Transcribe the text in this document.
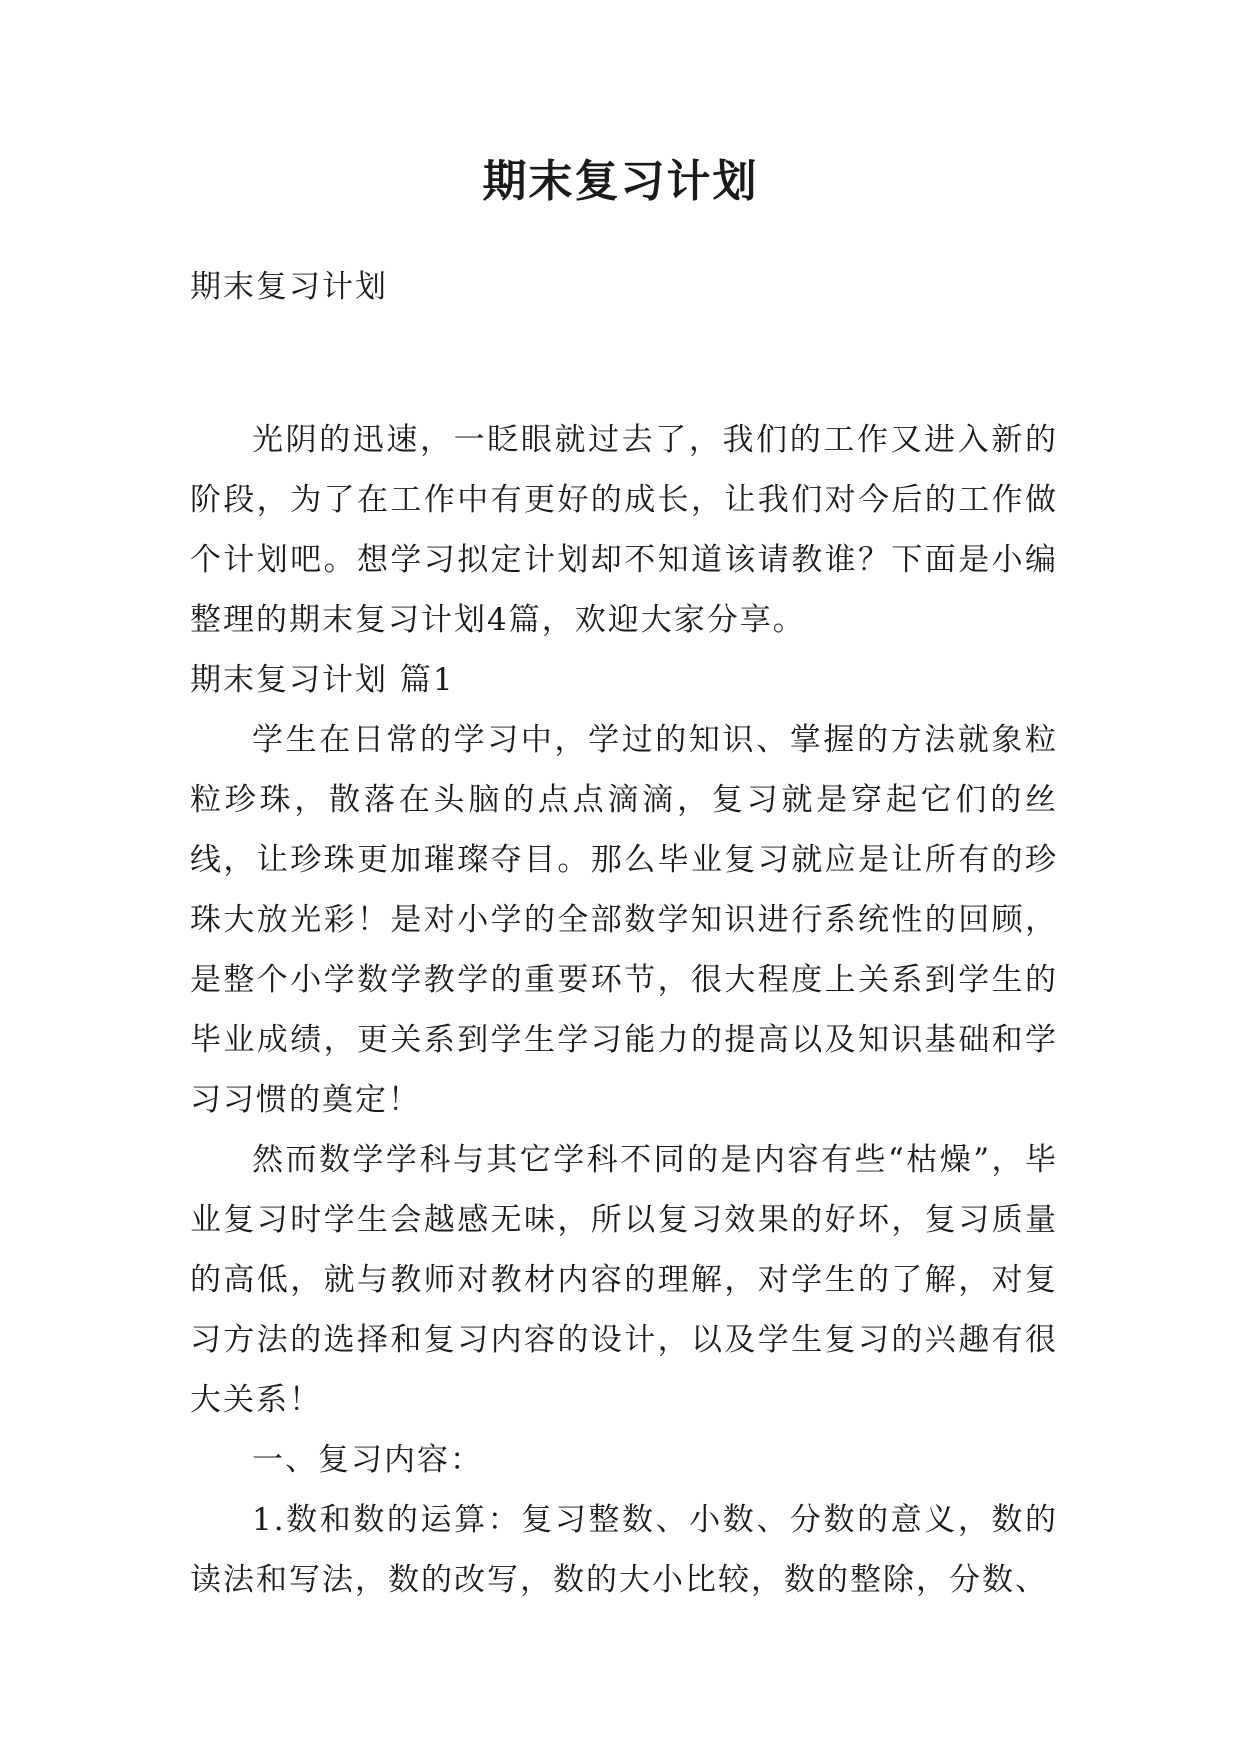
期末复习计划
期末复习计划

光阴的迅速，一眨眼就过去了，我们的工作又进入新的阶段，为了在工作中有更好的成长，让我们对今后的工作做个计划吧。想学习拟定计划却不知道该请教谁？下面是小编整理的期末复习计划4篇，欢迎大家分享。

期末复习计划 篇1

学生在日常的学习中，学过的知识、掌握的方法就象粒粒珍珠，散落在头脑的点点滴滴，复习就是穿起它们的丝线，让珍珠更加璀璨夺目。那么毕业复习就应是让所有的珍珠大放光彩！是对小学的全部数学知识进行系统性的回顾，是整个小学数学教学的重要环节，很大程度上关系到学生的毕业成绩，更关系到学生学习能力的提高以及知识基础和学习习惯的奠定！

然而数学学科与其它学科不同的是内容有些“枯燥”，毕业复习时学生会越感无味，所以复习效果的好坏，复习质量的高低，就与教师对教材内容的理解，对学生的了解，对复习方法的选择和复习内容的设计，以及学生复习的兴趣有很大关系！

一、复习内容：

1.数和数的运算：复习整数、小数、分数的意义，数的读法和写法，数的改写，数的大小比较，数的整除，分数、
